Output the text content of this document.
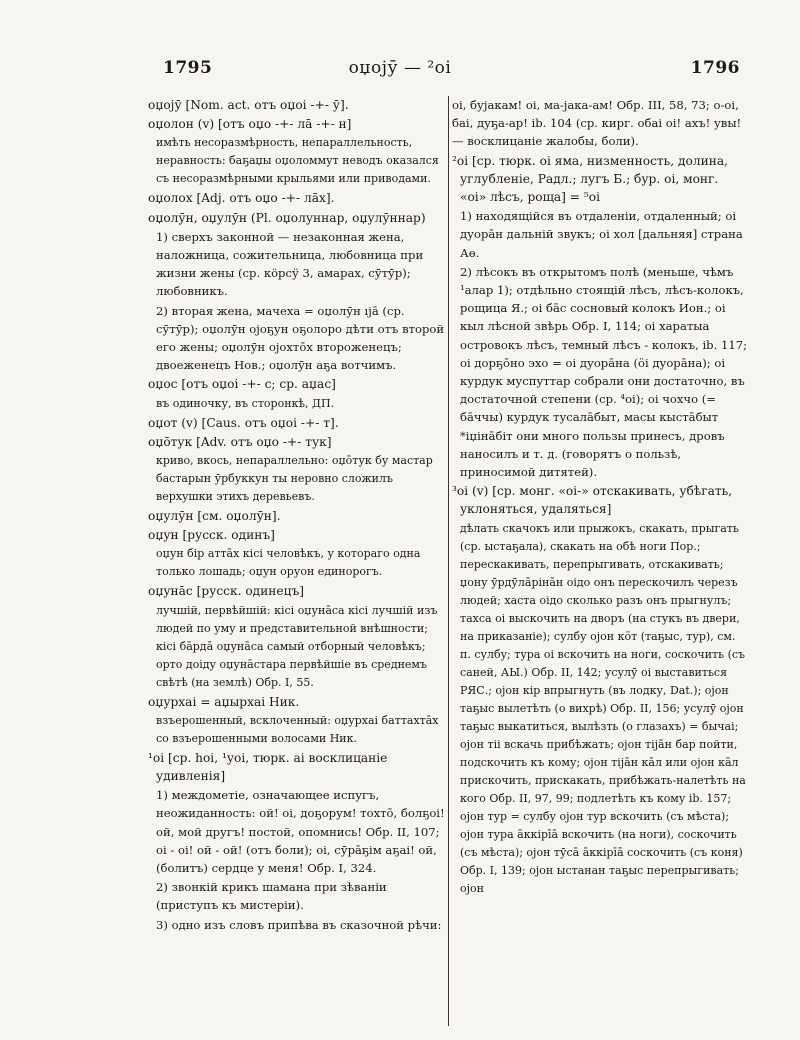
оџојӯ — ²оі
1795	1796
оџојӯ [Nom. act. отъ оџоі -+- ӯ].
оџолон (v) [отъ оџо -+- лā -+- н]
имѣть несоразмѣрность, непараллельность, неравность: баҕаџы оџоломмут неводъ оказался съ несоразмѣрными крыльями или приводами.
оџолох [Adj. отъ оџо -+- лāх].
оџолӯн, оџулӯн (Pl. оџолуннар, оџулӯннар)
1) сверхъ законной — незаконная жена, наложница, сожительница, любовница при жизни жены (ср. кöрсӱ 3, амарах, сӯтӯр); любовникъ.
2) вторая жена, мачеха = оџолӯн ıјā (ср. сӯтӯр); оџолӯн ојоҕун оҕолоро дѣти отъ второй его жены; оџолӯн ојохтōх второженецъ; двоеженецъ Нов.; оџолӯн аҕа вотчимъ.
оџос [отъ оџоі -+- с; ср. аџас]
въ одиночку, въ сторонкѣ, ДП.
оџот (v) [Caus. отъ оџоі -+- т].
оџōтук [Adv. отъ оџо -+- тук]
криво, вкось, непараллельно: оџōтук бу мастар бастарын ӯрбуккун ты неровно сложилъ верхушки этихъ деревьевъ.
оџулӯн [см. оџолӯн].
оџун [русск. одинъ]
оџун бір аттāх кісі человѣкъ, у котораго одна только лошадь; оџун оруон единорогъ.
оџунāс [русск. одинецъ]
лучшій, первѣйшій: кісі оџунāса кісі лучшій изъ людей по уму и представительной внѣшности; кісі бāрдā оџунāса самый отборный человѣкъ; орто доіду оџунāстара первѣйшіе въ среднемъ свѣтѣ (на землѣ) Обр. I, 55.
оџурхаі = аџырхаі Ник.
взъерошенный, всклоченный: оџурхаі баттахтāх со взъерошенными волосами Ник.
¹оі [ср. hoi, ¹уоі, тюрк. аі восклицаніе удивленія]
1) междометіе, означающее испугъ, неожиданность: ой! оі, доҕорум! тохтō, болҕоі! ой, мой другъ! постой, опомнись! Обр. II, 107; оі - оі! ой - ой! (отъ боли); оі, сӯрāҕім аҕаі! ой, (болитъ) сердце у меня! Обр. I, 324.
2) звонкій крикъ шамана при зѣваніи (приступъ къ мистеріи).
3) одно изъ словъ припѣва въ сказочной рѣчи:
оі, бујакам! оі, ма-јака-ам! Обр. III, 58, 73; о-оі, баі, дуҕа-ар! ib. 104 (ср. кирг. обаі оі! ахъ! увы! — восклицаніе жалобы, боли).
²оі [ср. тюрк. оі яма, низменность, долина, углубленіе, Радл.; лугъ Б.; бур. оі, монг. «оі» лѣсъ, роща] = ⁵оі
1) находящійся въ отдаленіи, отдаленный; оі дуорāн дальній звукъ; оі хол [дальняя] страна Аө.
2) лѣсокъ въ открытомъ полѣ (меньше, чѣмъ ¹алар 1); отдѣльно стоящій лѣсъ, лѣсъ-колокъ, рощица Я.; оі бāс сосновый колокъ Ион.; оі кыл лѣсной звѣрь Обр. I, 114; оі харатыа островокъ лѣсъ, темный лѣсъ - колокъ, ib. 117; оі дорҕōно эхо = оі дуорāна (ӧі дуорāна); оі курдук муспуттар собрали они достаточно, въ достаточной степени (ср. ⁴оі); оі чохчо (= бāччы) курдук тусалāбыт, масы кыстāбыт *іџінāбіт они много пользы принесъ, дровъ наносилъ и т. д. (говорятъ о пользѣ, приносимой дитятей).
³оі (v) [ср. монг. «оі-» отскакивать, убѣгать, уклоняться, удаляться]
дѣлать скачокъ или прыжокъ, скакать, прыгать (ср. ыстаҕала), скакать на обѣ ноги Пор.; перескакивать, перепрыгивать, отскакивать; џону ӯрдӯлāрінāн оідо онъ перескочилъ черезъ людей; хаста оідо сколько разъ онъ прыгнулъ; тахса оі выскочить на дворъ (на стукъ въ двери, на приказаніе); сулбу ојон кӧт (таҕыс, тур), см. п. сулбу; тура оі вскочить на ноги, соскочить (съ саней, АЫ.) Обр. II, 142; усулӯ оі выставиться РЯС.; ојон кір впрыгнуть (въ лодку, Dat.); ојон таҕыс вылетѣть (о вихрѣ) Обр. II, 156; усулӯ ојон таҕыс выкатиться, вылѣзть (о глазахъ) = бычаі; ојон тіі вскачь прибѣжать; ојон тіјāн бар пойти, подскочить къ кому; ојон тіјāн кāл или ојон кāл прискочить, прискакать, прибѣжать-налетѣть на кого Обр. II, 97, 99; подлетѣть къ кому ib. 157; ојон тур = сулбу ојон тур вскочить (съ мѣста); ојон тура āккірīā вскочить (на ноги), соскочить (съ мѣста); ојон тӯсā āккірīā соскочить (съ коня) Обр. I, 139; ојон ыстанан таҕыс перепрыгивать; ојон
